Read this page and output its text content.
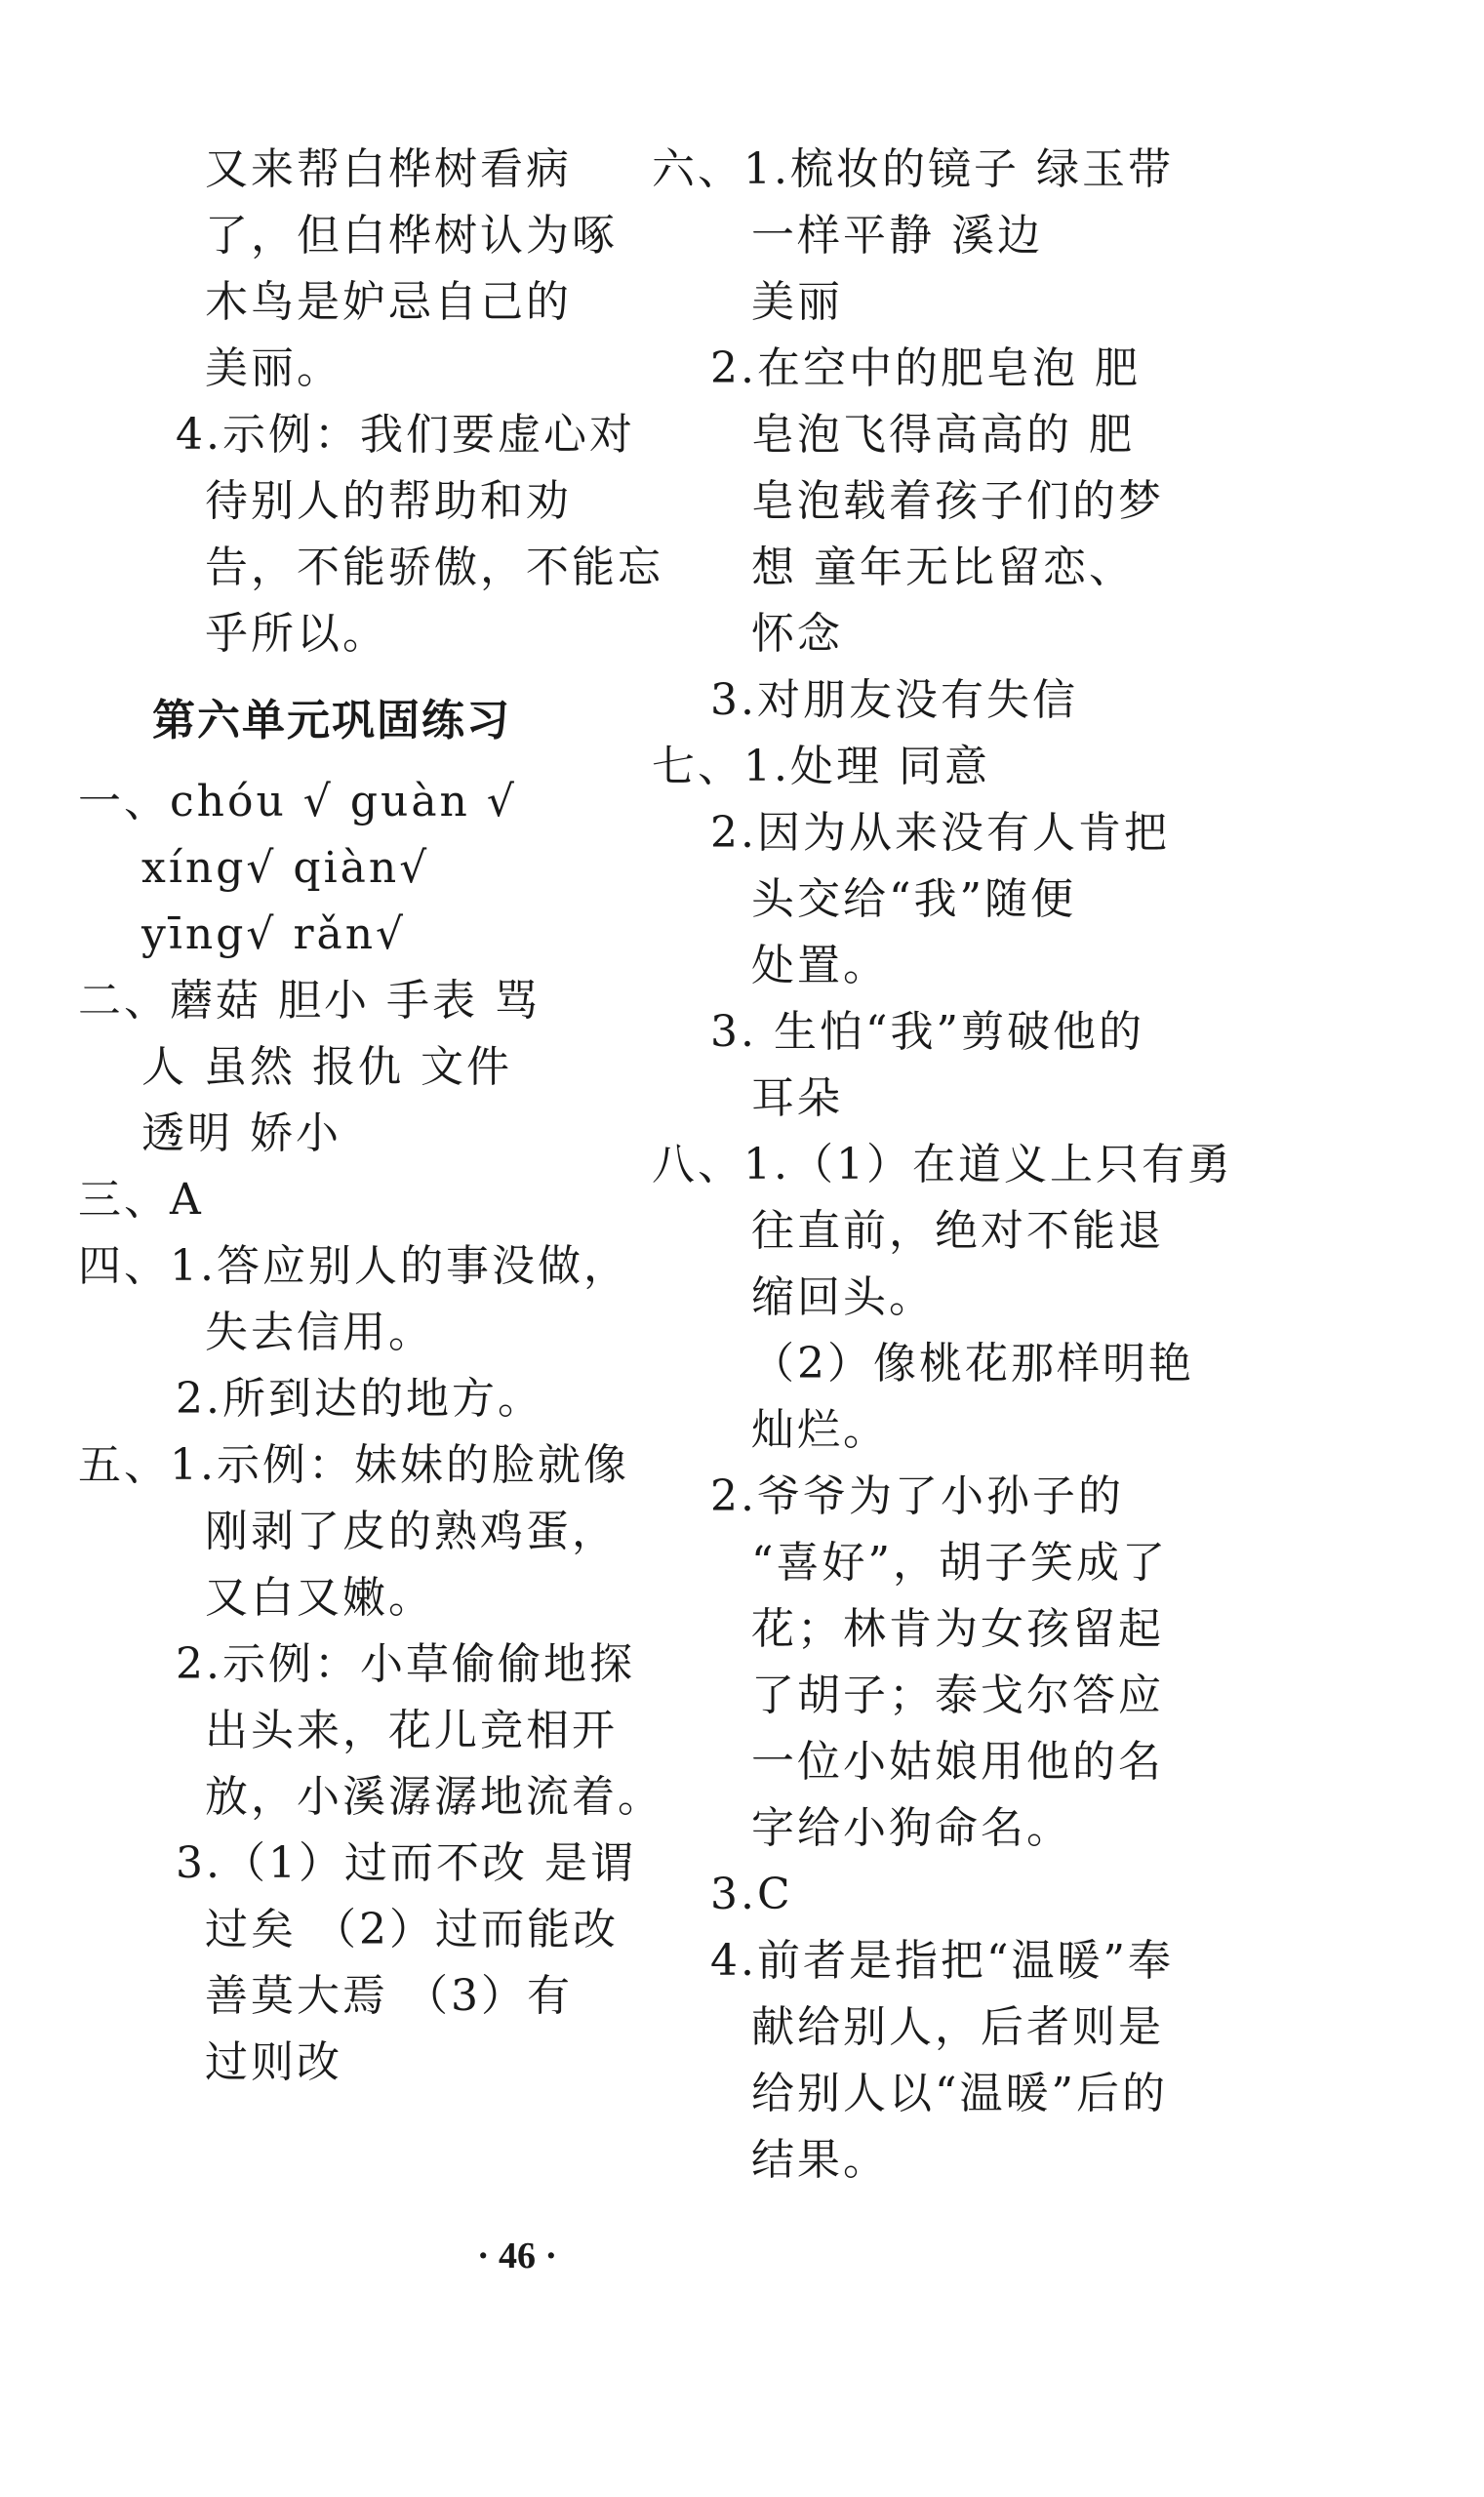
又来帮白桦树看病
了，但白桦树认为啄
木鸟是妒忌自己的
美丽。
4.示例：我们要虚心对
待别人的帮助和劝
告，不能骄傲，不能忘
乎所以。
第六单元巩固练习
一、chóu √ guàn √
xíng√ qiàn√
yīng√ rǎn√
二、蘑菇 胆小 手表 骂
人 虽然 报仇 文件
透明 娇小
三、A
四、1.答应别人的事没做，
失去信用。
2.所到达的地方。
五、1.示例：妹妹的脸就像
刚剥了皮的熟鸡蛋，
又白又嫩。
2.示例：小草偷偷地探
出头来，花儿竞相开
放，小溪潺潺地流着。
3.（1）过而不改 是谓
过矣 （2）过而能改
善莫大焉 （3）有
过则改
六、1.梳妆的镜子 绿玉带
一样平静 溪边
美丽
2.在空中的肥皂泡 肥
皂泡飞得高高的 肥
皂泡载着孩子们的梦
想 童年无比留恋、
怀念
3.对朋友没有失信
七、1.处理 同意
2.因为从来没有人肯把
头交给“我”随便
处置。
3. 生怕“我”剪破他的
耳朵
八、1.（1）在道义上只有勇
往直前，绝对不能退
缩回头。
（2）像桃花那样明艳
灿烂。
2.爷爷为了小孙子的
“喜好”，胡子笑成了
花；林肯为女孩留起
了胡子；泰戈尔答应
一位小姑娘用他的名
字给小狗命名。
3.C
4.前者是指把“温暖”奉
献给别人，后者则是
给别人以“温暖”后的
结果。
· 46 ·
